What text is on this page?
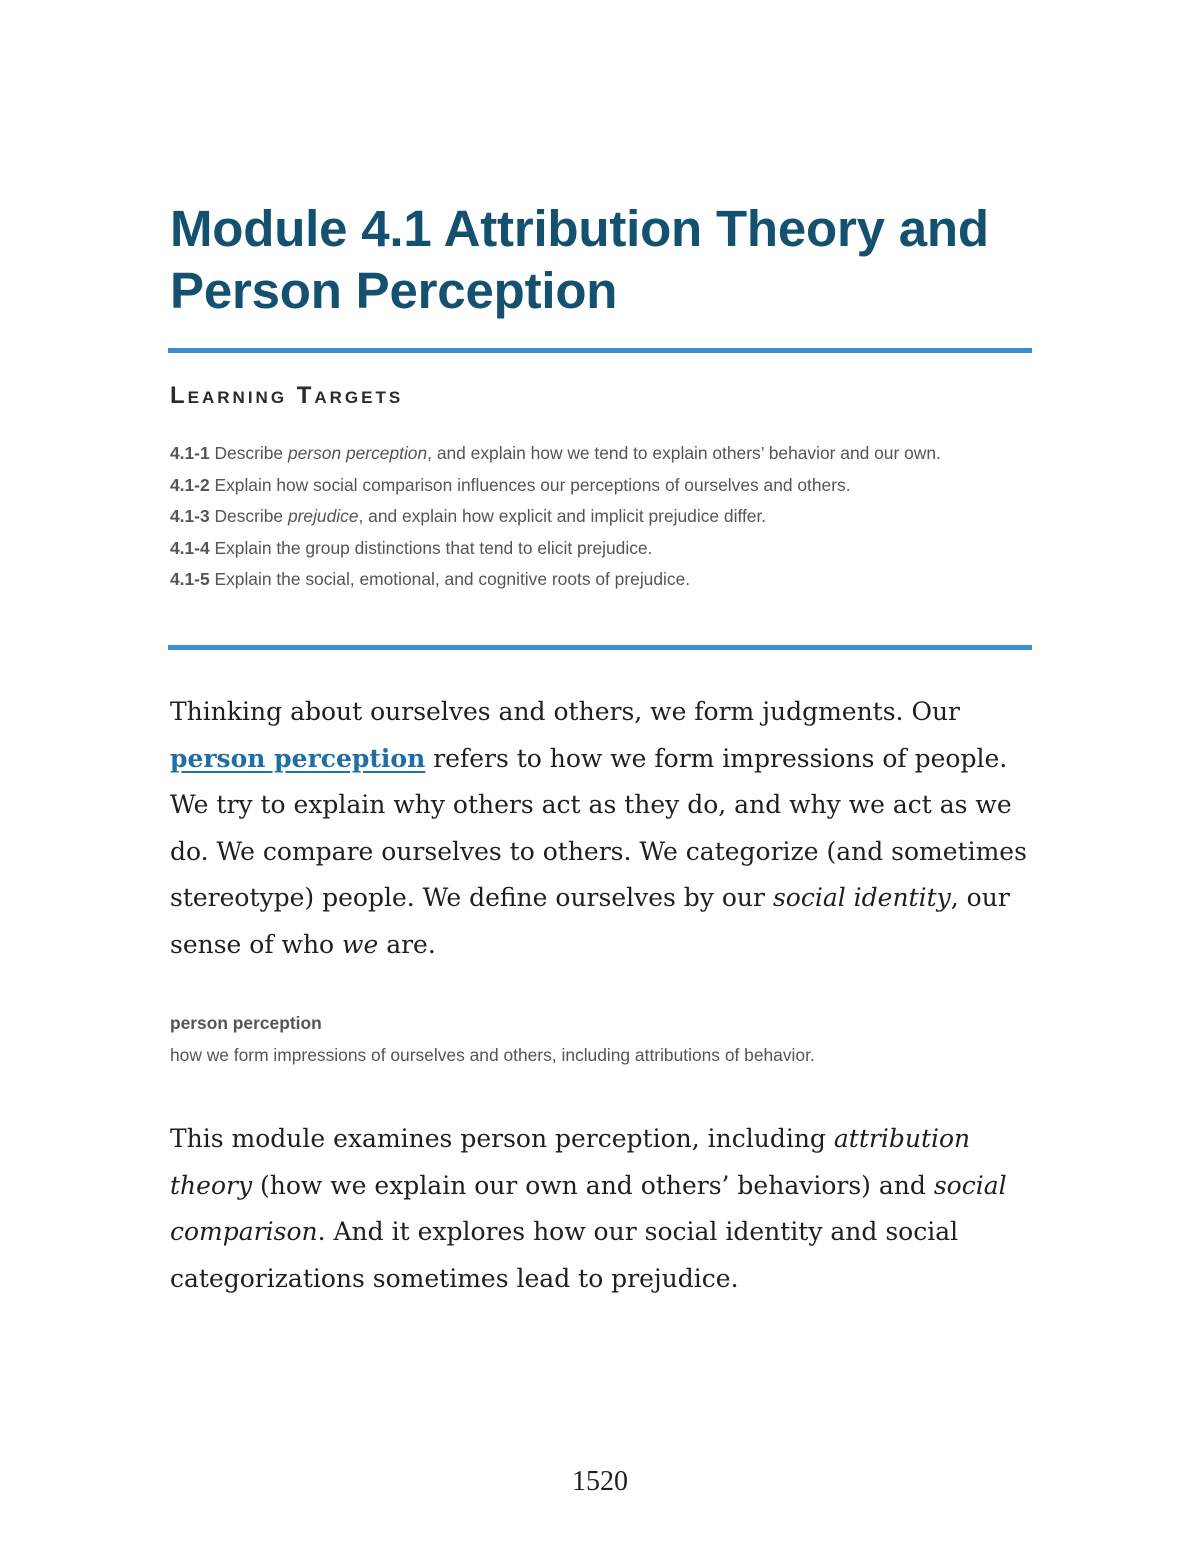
Module 4.1 Attribution Theory and Person Perception
Learning Targets
4.1-1 Describe person perception, and explain how we tend to explain others’ behavior and our own.
4.1-2 Explain how social comparison influences our perceptions of ourselves and others.
4.1-3 Describe prejudice, and explain how explicit and implicit prejudice differ.
4.1-4 Explain the group distinctions that tend to elicit prejudice.
4.1-5 Explain the social, emotional, and cognitive roots of prejudice.

Thinking about ourselves and others, we form judgments. Our person perception refers to how we form impressions of people. We try to explain why others act as they do, and why we act as we do. We compare ourselves to others. We categorize (and sometimes stereotype) people. We define ourselves by our social identity, our sense of who we are.

person perception

how we form impressions of ourselves and others, including attributions of behavior.

This module examines person perception, including attribution theory (how we explain our own and others’ behaviors) and social comparison. And it explores how our social identity and social categorizations sometimes lead to prejudice.

1520
